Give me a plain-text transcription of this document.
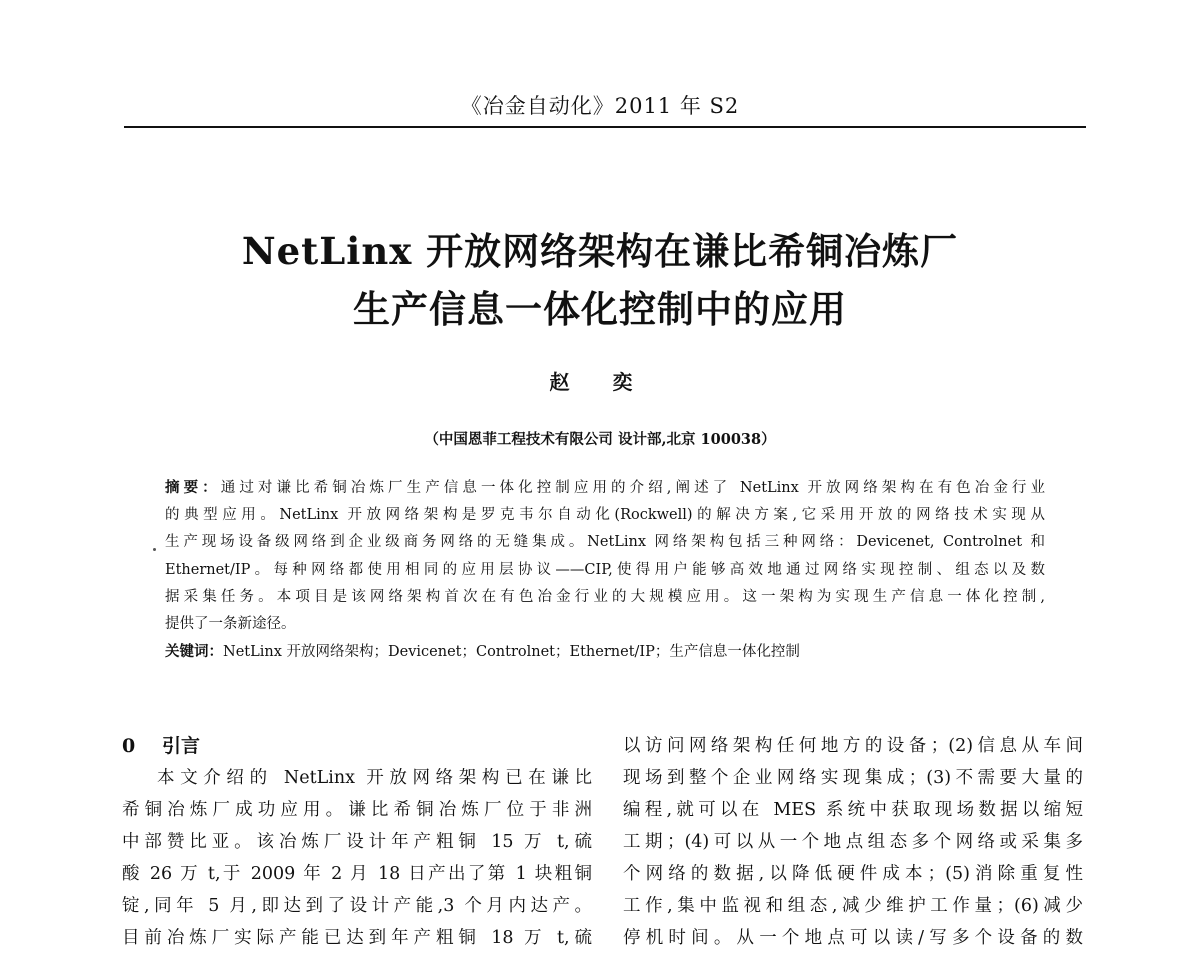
《冶金自动化》2011 年 S2
NetLinx 开放网络架构在谦比希铜冶炼厂
生产信息一体化控制中的应用
赵 奕
（中国恩菲工程技术有限公司 设计部,北京 100038）
摘要：通过对谦比希铜冶炼厂生产信息一体化控制应用的介绍,阐述了 NetLinx 开放网络架构在有色冶金行业
的典型应用。NetLinx 开放网络架构是罗克韦尔自动化(Rockwell)的解决方案,它采用开放的网络技术实现从
生产现场设备级网络到企业级商务网络的无缝集成。NetLinx 网络架构包括三种网络：Devicenet, Controlnet 和
Ethernet/IP。每种网络都使用相同的应用层协议——CIP,使得用户能够高效地通过网络实现控制、组态以及数
据采集任务。本项目是该网络架构首次在有色冶金行业的大规模应用。这一架构为实现生产信息一体化控制,
提供了一条新途径。
关键词：NetLinx 开放网络架构；Devicenet；Controlnet；Ethernet/IP；生产信息一体化控制
0 引言
本文介绍的 NetLinx 开放网络架构已在谦比
希铜冶炼厂成功应用。谦比希铜冶炼厂位于非洲
中部赞比亚。该冶炼厂设计年产粗铜 15 万 t,硫
酸 26 万 t,于 2009 年 2 月 18 日产出了第 1 块粗铜
锭,同年 5 月,即达到了设计产能,3 个月内达产。
目前冶炼厂实际产能已达到年产粗铜 18 万 t,硫
以访问网络架构任何地方的设备；(2)信息从车间
现场到整个企业网络实现集成；(3)不需要大量的
编程,就可以在 MES 系统中获取现场数据以缩短
工期；(4)可以从一个地点组态多个网络或采集多
个网络的数据,以降低硬件成本；(5)消除重复性
工作,集中监视和组态,减少维护工作量；(6)减少
停机时间。从一个地点可以读/写多个设备的数
